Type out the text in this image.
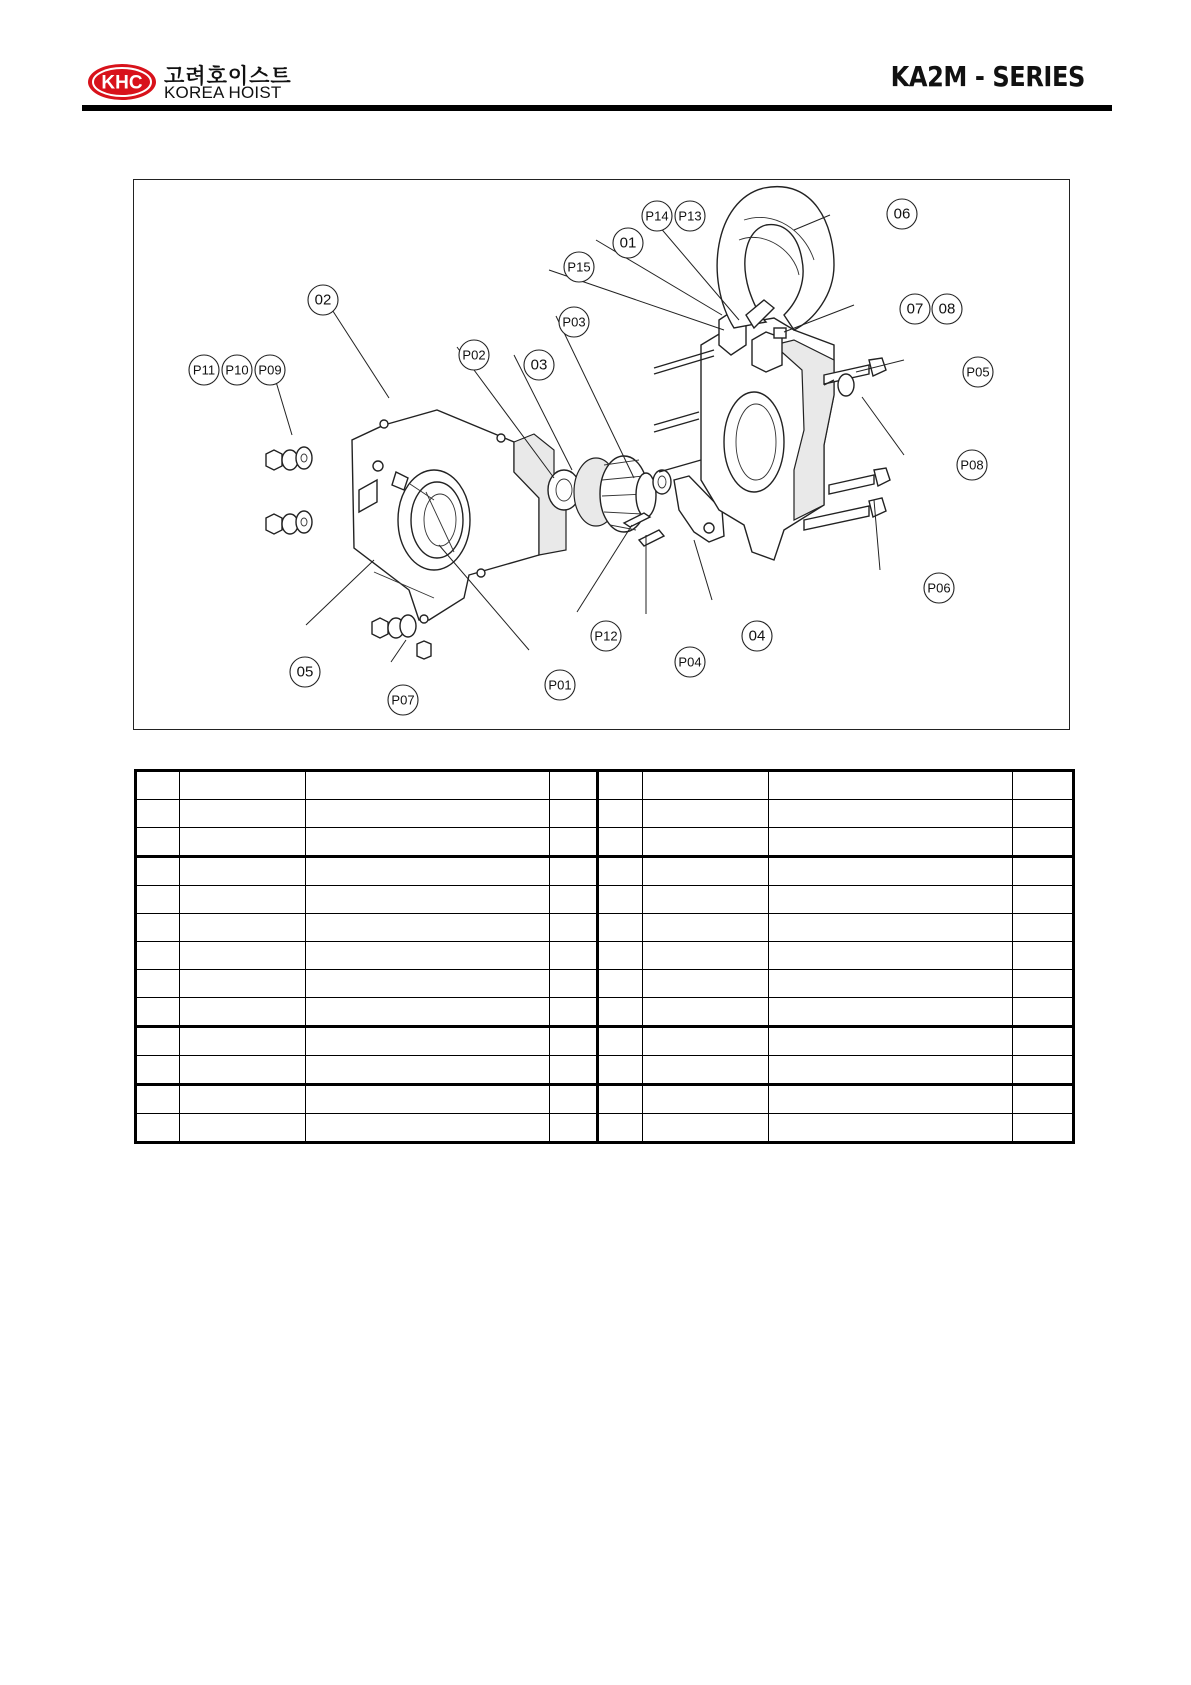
KHC 고려호이스트
KOREA HOIST	KA2M - SERIES
02
P11 P10 P09
05
P07
P01
P02
03
P03
P12
P04
04
P15
01
P14 P13	06
07 08
P05
P08
P06
